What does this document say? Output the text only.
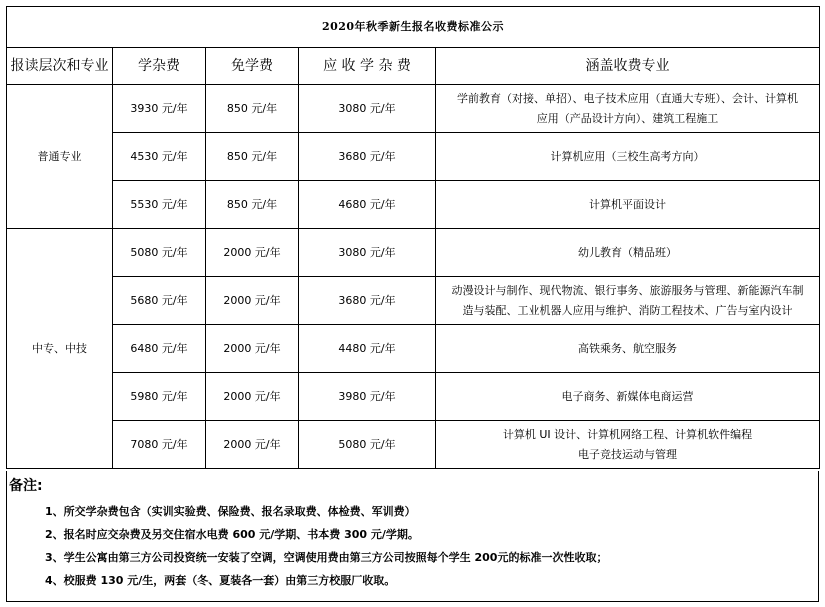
2020年秋季新生报名收费标准公示				
报读层次和专业	学杂费	免学费	应 收 学 杂 费	涵盖收费专业
普通专业	3930 元/年	850 元/年	3080 元/年	学前教育（对接、单招）、电子技术应用（直通大专班）、会计、计算机
应用（产品设计方向）、建筑工程施工

	4530 元/年	850 元/年	3680 元/年	计算机应用（三校生高考方向）
	5530 元/年	850 元/年	4680 元/年	计算机平面设计
中专、中技	5080 元/年	2000 元/年	3080 元/年	幼儿教育（精品班）
	5680 元/年	2000 元/年	3680 元/年	动漫设计与制作、现代物流、银行事务、旅游服务与管理、新能源汽车制
造与装配、工业机器人应用与维护、消防工程技术、广告与室内设计

	6480 元/年	2000 元/年	4480 元/年	高铁乘务、航空服务
	5980 元/年	2000 元/年	3980 元/年	电子商务、新媒体电商运营
	7080 元/年	2000 元/年	5080 元/年	计算机 UI 设计、计算机网络工程、计算机软件编程
电子竞技运动与管理
备注:
1、所交学杂费包含（实训实验费、保险费、报名录取费、体检费、军训费）
2、报名时应交杂费及另交住宿水电费 600 元/学期、书本费 300 元/学期。
3、学生公寓由第三方公司投资统一安装了空调，空调使用费由第三方公司按照每个学生 200元的标准一次性收取；
4、校服费 130 元/生，两套（冬、夏装各一套）由第三方校服厂收取。
